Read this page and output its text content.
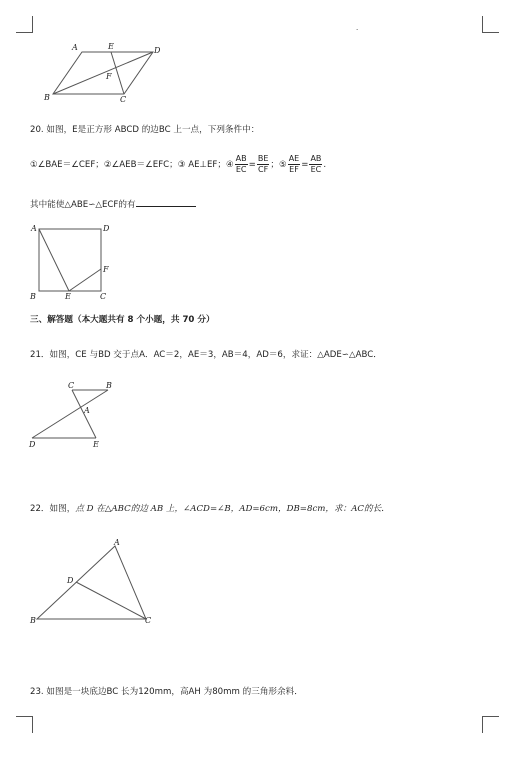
.
A	E	D
F
B	C
20. 如图，E是正方形 ABCD 的边BC 上一点，下列条件中：
①∠BAE＝∠CEF；②∠AEB＝∠EFC；③ AE⊥EF；④ $\frac{AB}{EC} = \frac{BE}{CF}$ ；⑤ $\frac{AE}{EF} = \frac{AB}{EC}$ .
其中能使△ABE∽△ECF的有
A	D
F
B	E	C
三、解答题（本大题共有 8 个小题，共 70 分）
21．如图，CE 与BD 交于点A．AC＝2，AE＝3，AB＝4，AD＝6，求证：△ADE∽△ABC．
C	B
A
D	E
22．如图，点 D 在△ABC的边 AB 上，∠ACD=∠B，AD=6cm，DB=8cm，求：AC的长．
A
D
B	C
23. 如图是一块底边BC 长为120mm，高AH 为80mm 的三角形余料．
